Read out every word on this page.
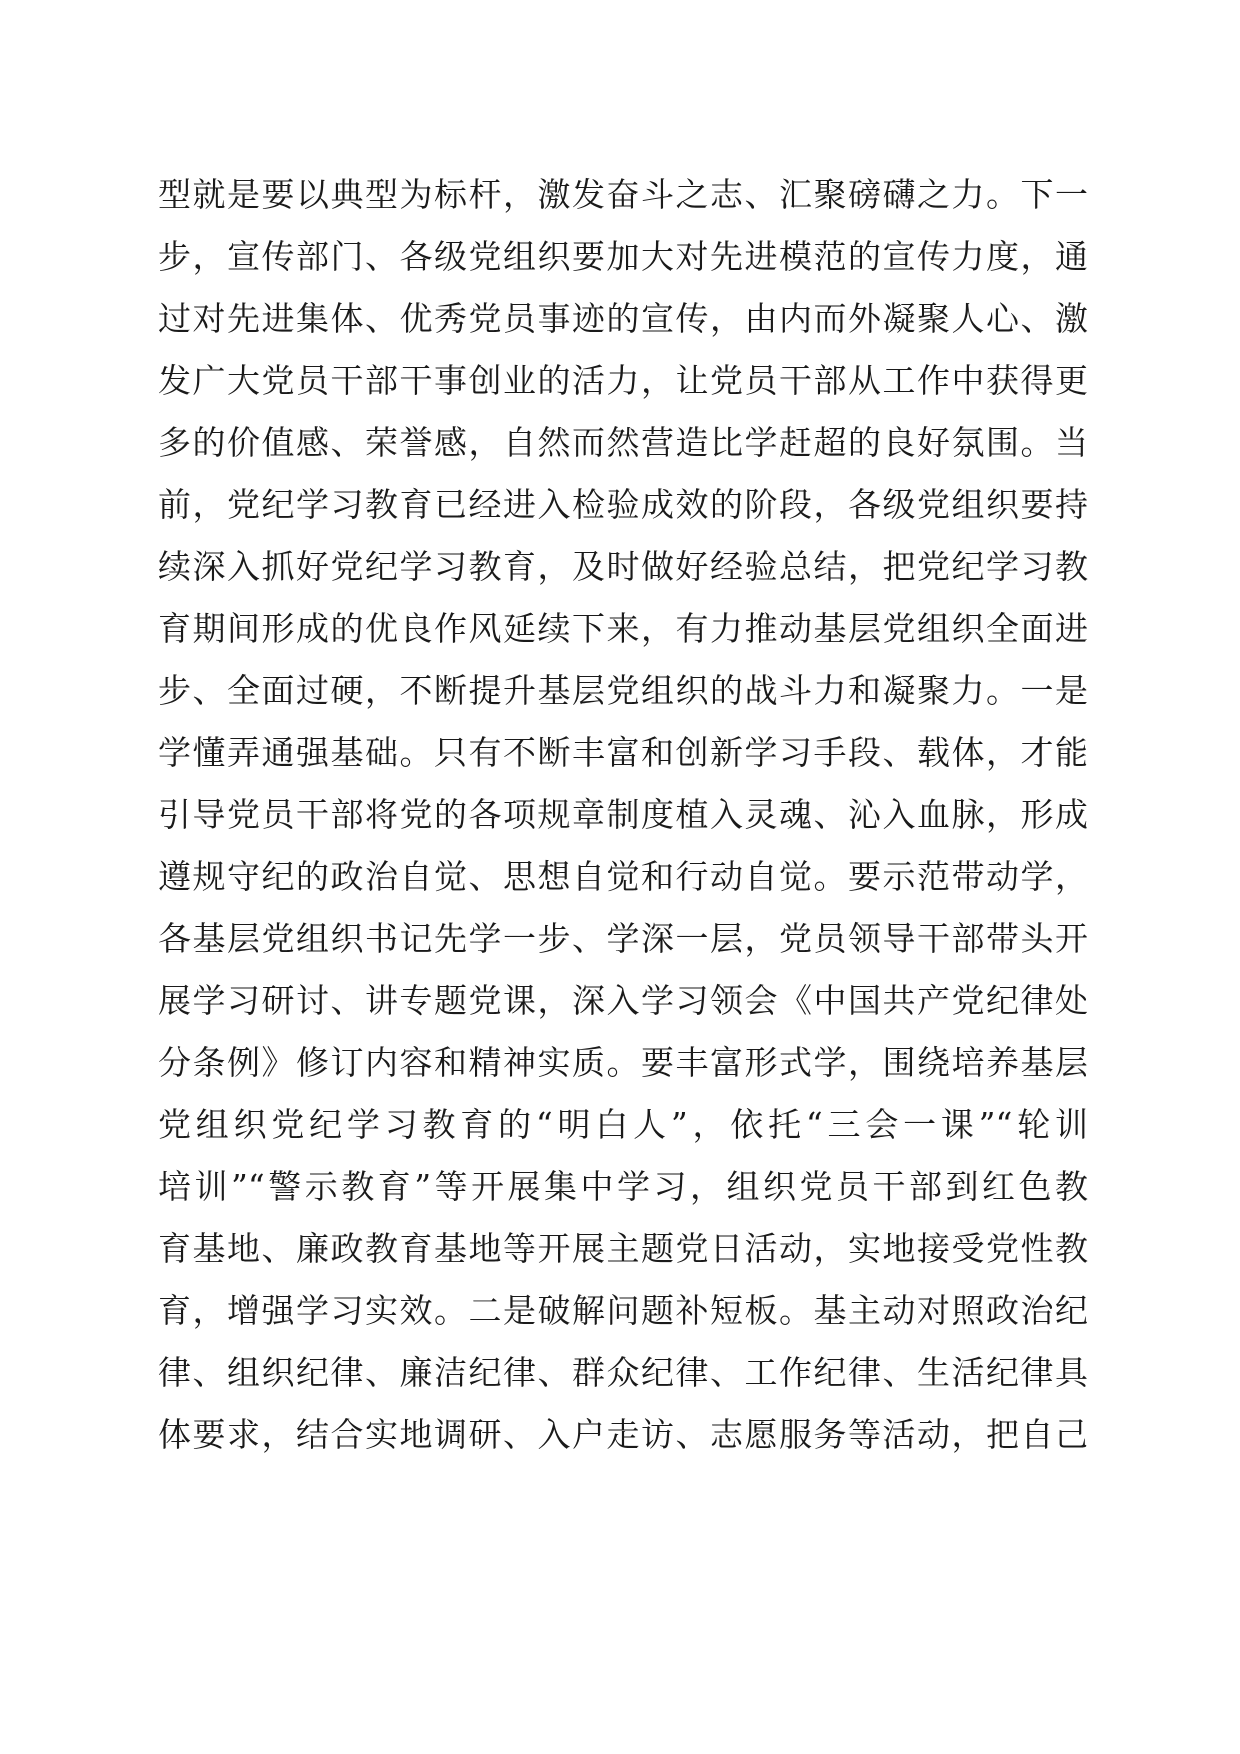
型就是要以典型为标杆，激发奋斗之志、汇聚磅礴之力。下一
步，宣传部门、各级党组织要加大对先进模范的宣传力度，通
过对先进集体、优秀党员事迹的宣传，由内而外凝聚人心、激
发广大党员干部干事创业的活力，让党员干部从工作中获得更
多的价值感、荣誉感，自然而然营造比学赶超的良好氛围。当
前，党纪学习教育已经进入检验成效的阶段，各级党组织要持
续深入抓好党纪学习教育，及时做好经验总结，把党纪学习教
育期间形成的优良作风延续下来，有力推动基层党组织全面进
步、全面过硬，不断提升基层党组织的战斗力和凝聚力。一是
学懂弄通强基础。只有不断丰富和创新学习手段、载体，才能
引导党员干部将党的各项规章制度植入灵魂、沁入血脉，形成
遵规守纪的政治自觉、思想自觉和行动自觉。要示范带动学，
各基层党组织书记先学一步、学深一层，党员领导干部带头开
展学习研讨、讲专题党课，深入学习领会《中国共产党纪律处
分条例》修订内容和精神实质。要丰富形式学，围绕培养基层
党组织党纪学习教育的“明白人”，依托“三会一课”“轮训
培训”“警示教育”等开展集中学习，组织党员干部到红色教
育基地、廉政教育基地等开展主题党日活动，实地接受党性教
育，增强学习实效。二是破解问题补短板。基主动对照政治纪
律、组织纪律、廉洁纪律、群众纪律、工作纪律、生活纪律具
体要求，结合实地调研、入户走访、志愿服务等活动，把自己
